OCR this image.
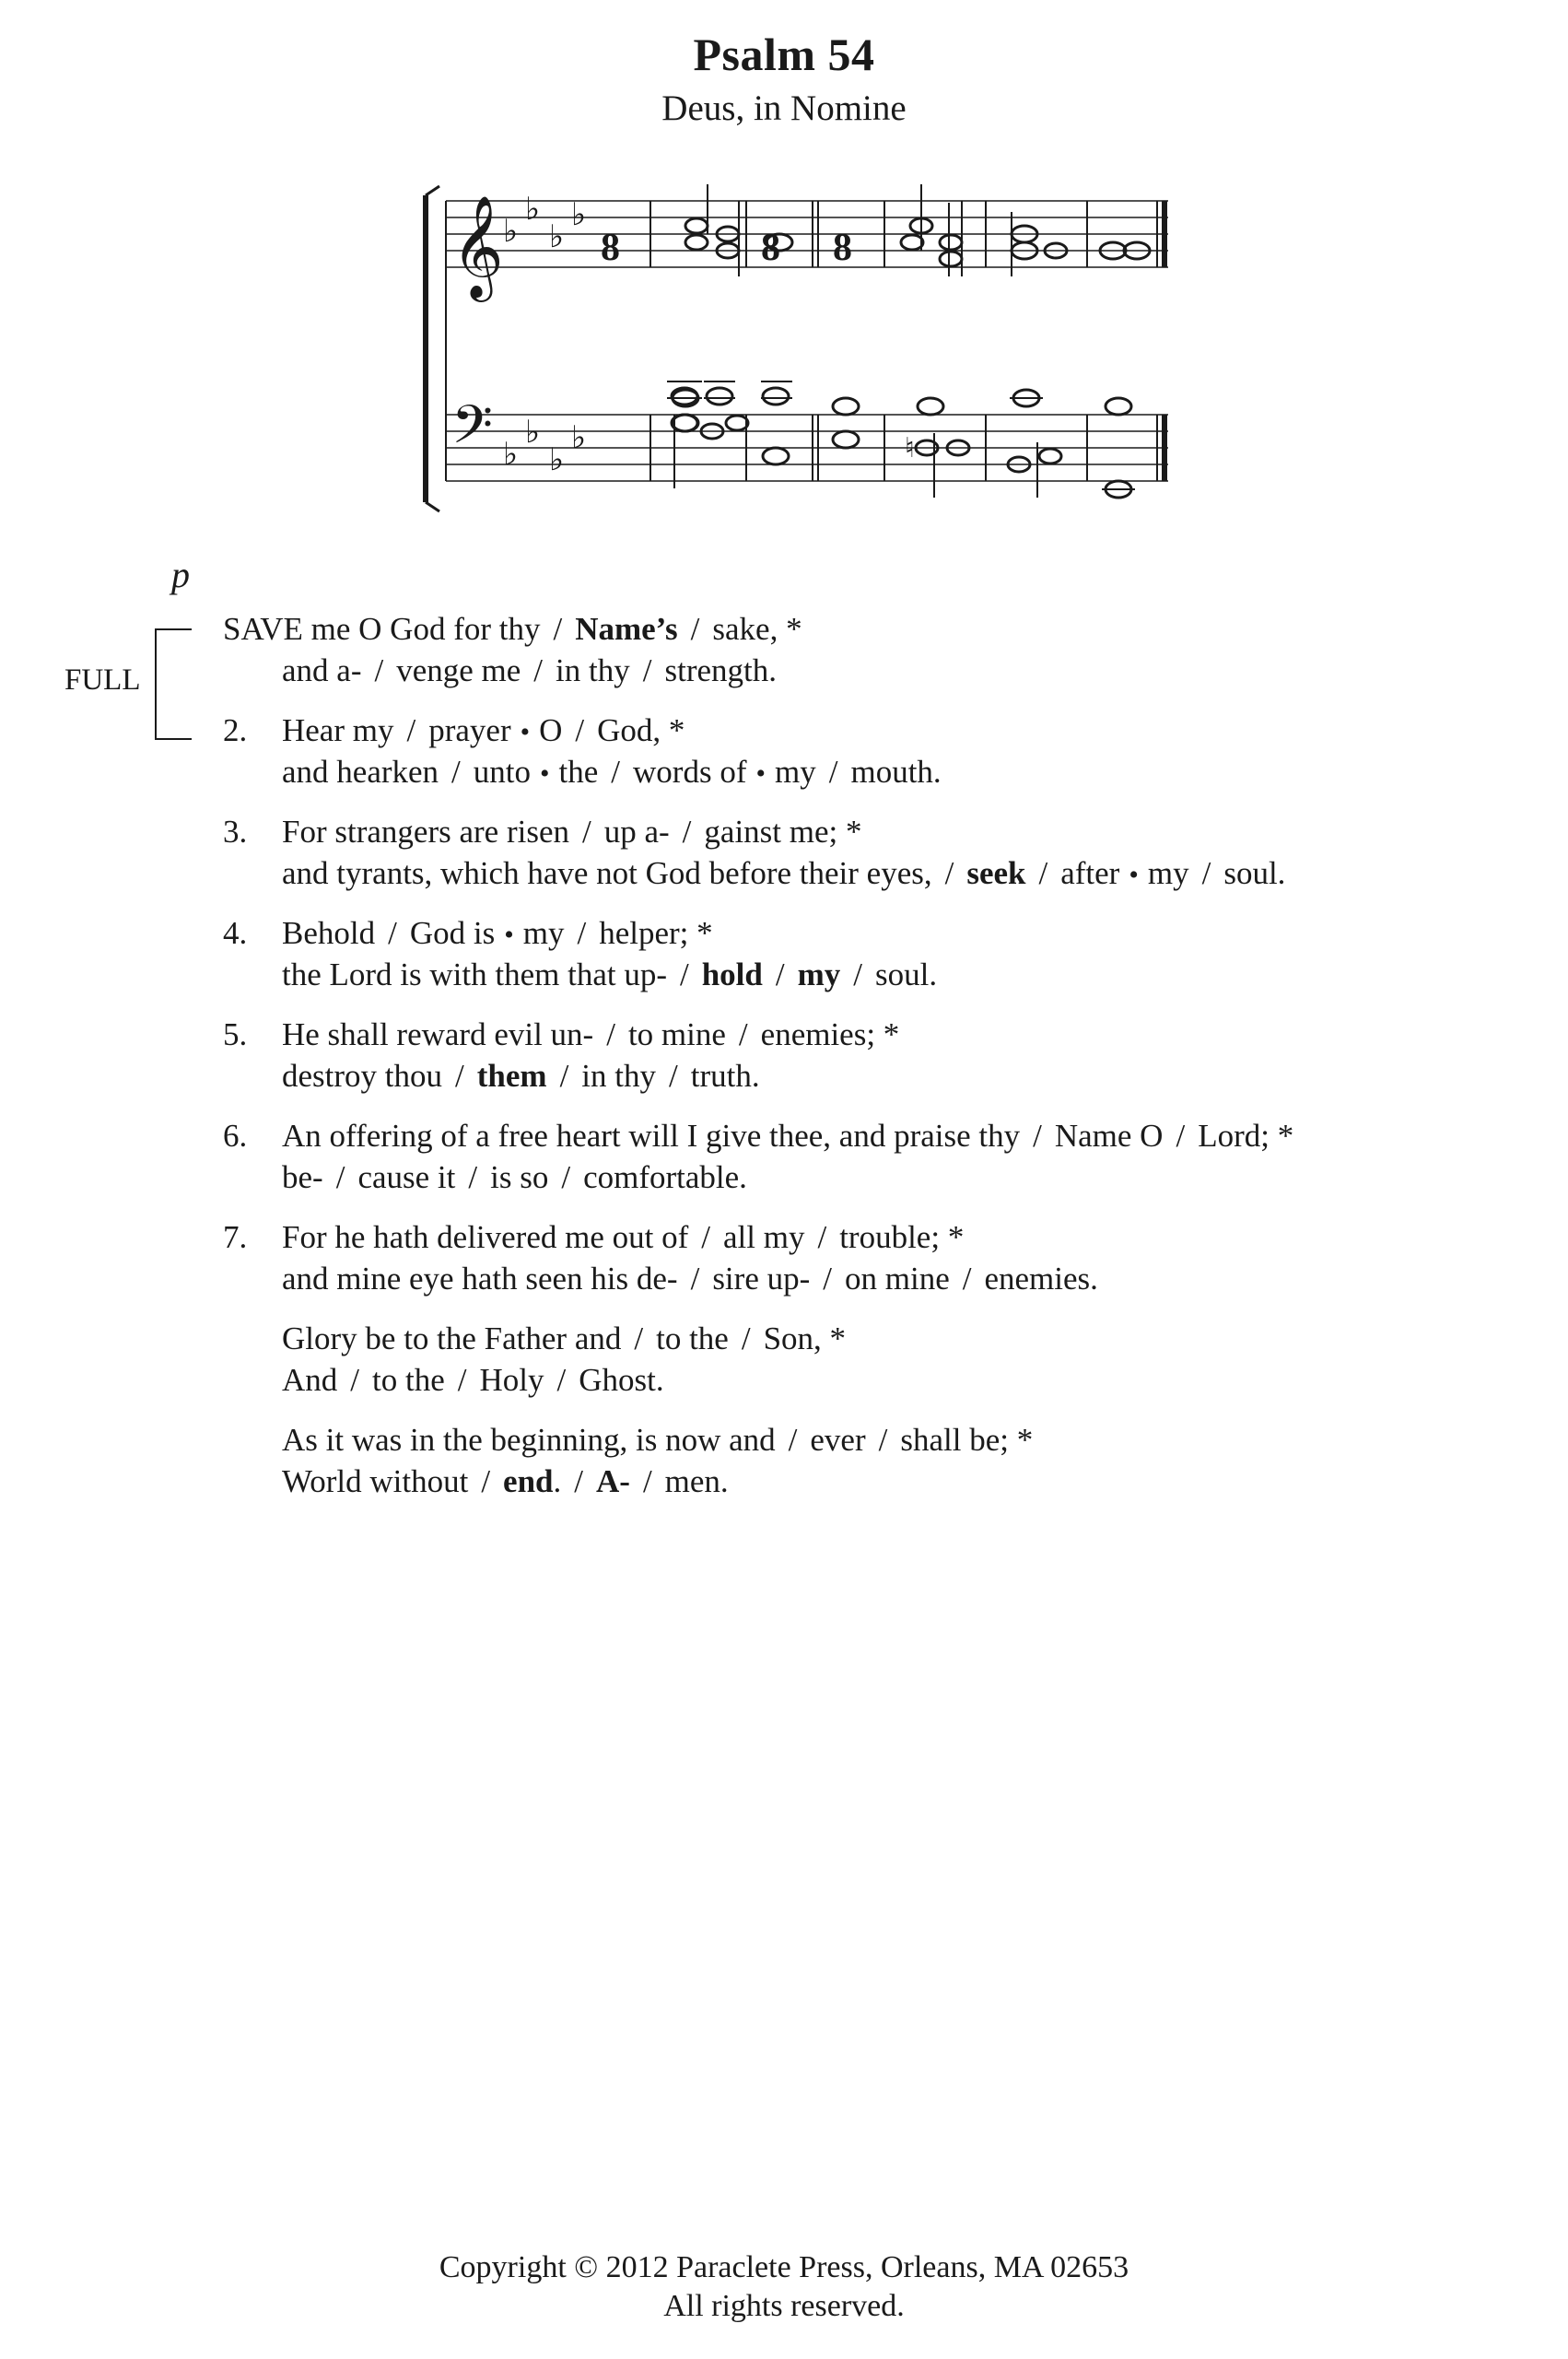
Psalm 54
Deus, in Nomine
𝄞
𝄢
♭
♭
♭
♭
♭
♭
♭
♭
8	8 8
♮
p
FULL
SAVE me O God for thy / Name’s / sake, *
and a- / venge me / in thy / strength.
2. Hear my / prayer • O / God, *
and hearken / unto • the / words of • my / mouth.
3. For strangers are risen / up a- / gainst me; *
and tyrants, which have not God before their eyes, / seek / after • my / soul.
4. Behold / God is • my / helper; *
the Lord is with them that up- / hold / my / soul.
5. He shall reward evil un- / to mine / enemies; *
destroy thou / them / in thy / truth.
6. An offering of a free heart will I give thee, and praise thy / Name O / Lord; *
be- / cause it / is so / comfortable.
7. For he hath delivered me out of / all my / trouble; *
and mine eye hath seen his de- / sire up- / on mine / enemies.
Glory be to the Father and / to the / Son, *
And / to the / Holy / Ghost.
As it was in the beginning, is now and / ever / shall be; *
World without / end. / A- / men.
Copyright © 2012 Paraclete Press, Orleans, MA 02653
All rights reserved.
